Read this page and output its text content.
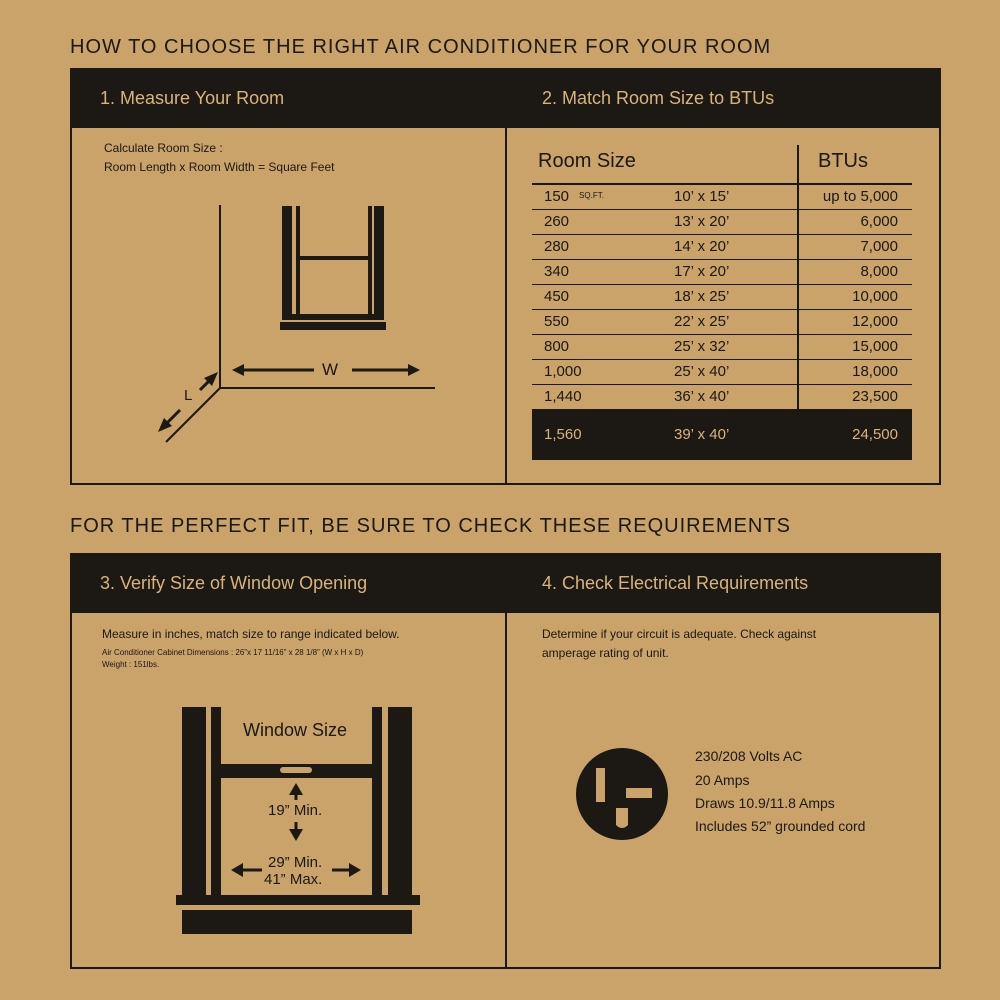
HOW TO CHOOSE THE RIGHT AIR CONDITIONER FOR YOUR ROOM
FOR THE PERFECT FIT, BE SURE TO CHECK THESE REQUIREMENTS
1. Measure Your Room	2. Match Room Size to BTUs
Calculate Room Size :
Room Length x Room Width = Square Feet
W
L
Room Size	BTUs
150 SQ.FT.	10’ x 15’	up to 5,000
260	13’ x 20’	6,000
280	14’ x 20’	7,000
340	17’ x 20’	8,000
450	18’ x 25’	10,000
550	22’ x 25’	12,000
800	25’ x 32’	15,000
1,000	25’ x 40’	18,000
1,440	36’ x 40’	23,500
1,560	39’ x 40’	24,500
3. Verify Size of Window Opening	4. Check Electrical Requirements
Measure in inches, match size to range indicated below.
Air Conditioner Cabinet Dimensions : 26”x 17 11/16” x 28 1/8” (W x H x D)
Weight : 151lbs.
Window Size
19” Min.
29” Min.
41” Max.
Determine if your circuit is adequate. Check against
amperage rating of unit.
230/208 Volts AC
20 Amps
Draws 10.9/11.8 Amps
Includes 52” grounded cord
